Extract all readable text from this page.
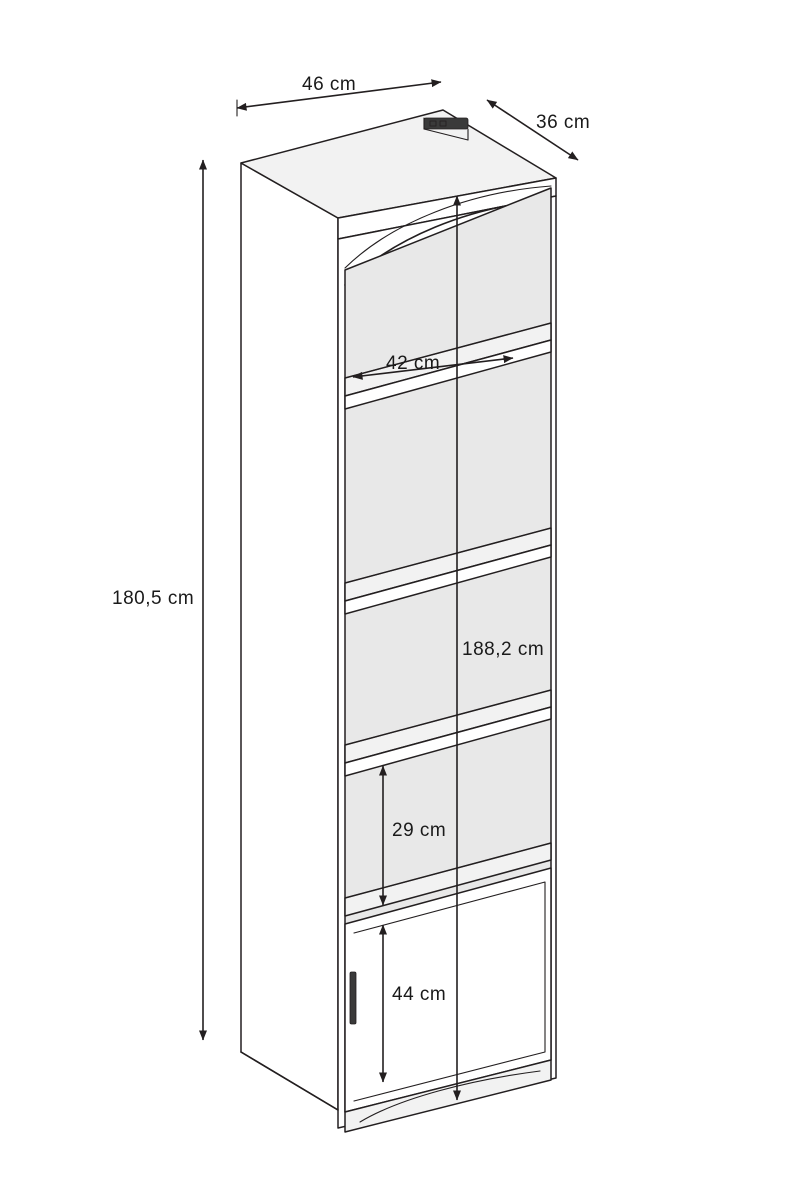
46 cm
36 cm
180,5 cm
42 cm
188,2 cm
29 cm
44 cm
